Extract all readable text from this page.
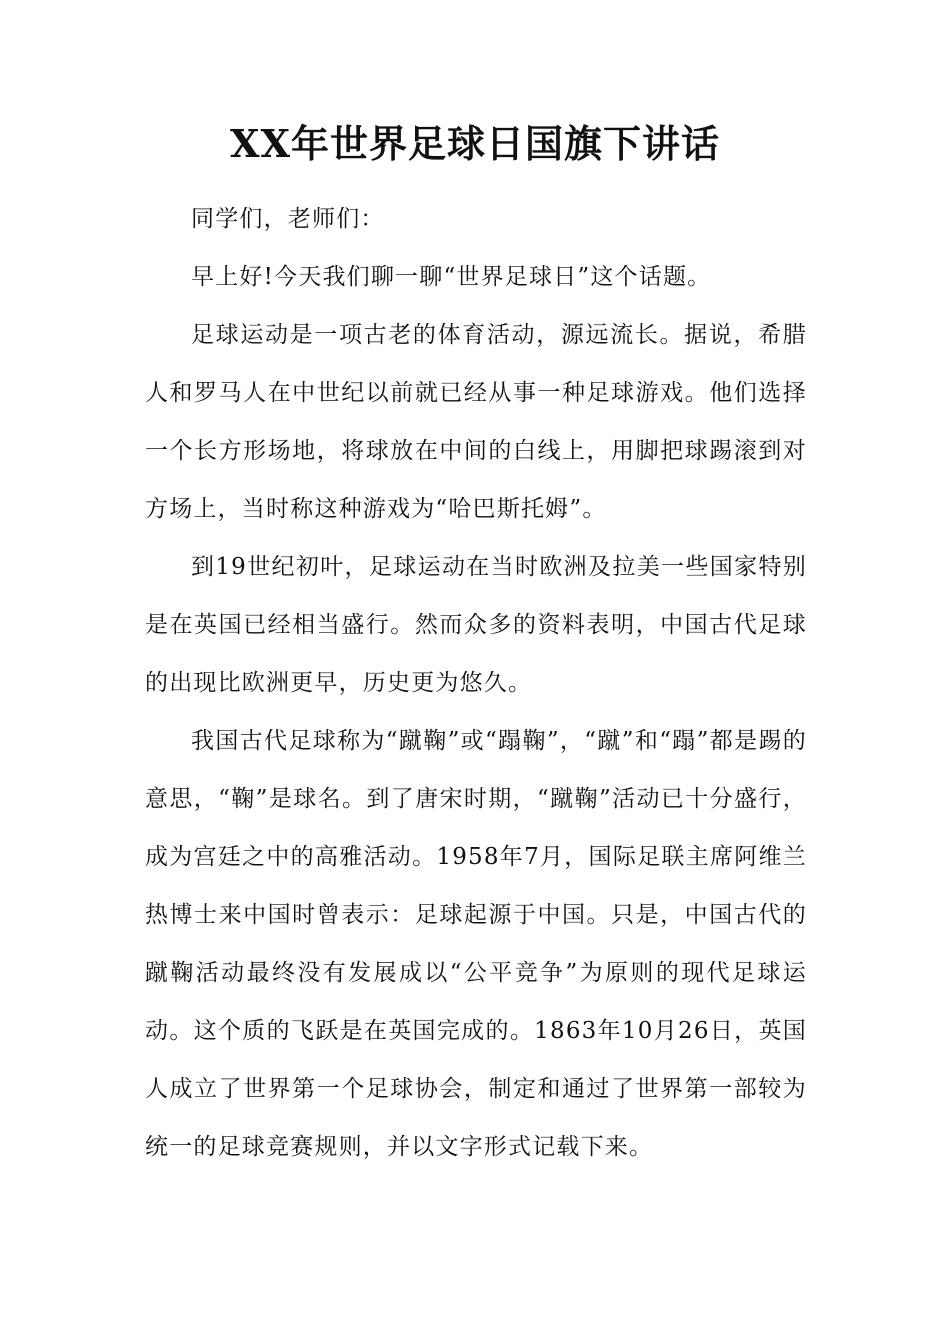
XX年世界足球日国旗下讲话

同学们，老师们：

早上好!今天我们聊一聊“世界足球日”这个话题。

足球运动是一项古老的体育活动，源远流长。据说，希腊人和罗马人在中世纪以前就已经从事一种足球游戏。他们选择一个长方形场地，将球放在中间的白线上，用脚把球踢滚到对方场上，当时称这种游戏为“哈巴斯托姆”。

到19世纪初叶，足球运动在当时欧洲及拉美一些国家特别是在英国已经相当盛行。然而众多的资料表明，中国古代足球的出现比欧洲更早，历史更为悠久。

我国古代足球称为“蹴鞠”或“蹋鞠”，“蹴”和“蹋”都是踢的意思，“鞠”是球名。到了唐宋时期，“蹴鞠”活动已十分盛行，成为宫廷之中的高雅活动。1958年7月，国际足联主席阿维兰热博士来中国时曾表示：足球起源于中国。只是，中国古代的蹴鞠活动最终没有发展成以“公平竞争”为原则的现代足球运动。这个质的飞跃是在英国完成的。1863年10月26日，英国人成立了世界第一个足球协会，制定和通过了世界第一部较为统一的足球竞赛规则，并以文字形式记载下来。
